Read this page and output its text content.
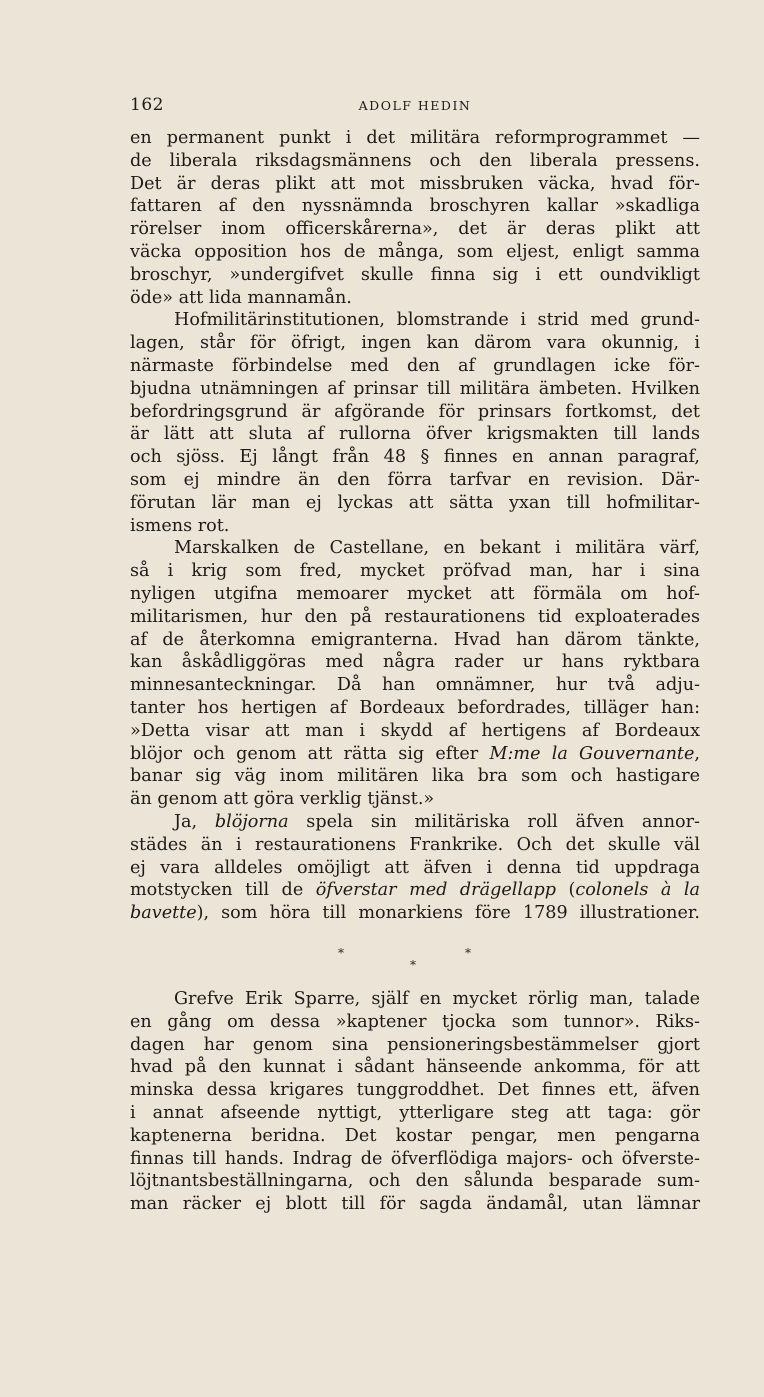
162	ADOLF HEDIN
en permanent punkt i det militära reformprogrammet —
de liberala riksdagsmännens och den liberala pressens.
Det är deras plikt att mot missbruken väcka, hvad för-
fattaren af den nyssnämnda broschyren kallar »skadliga
rörelser inom officerskårerna», det är deras plikt att
väcka opposition hos de många, som eljest, enligt samma
broschyr, »undergifvet skulle finna sig i ett oundvikligt
öde» att lida mannamån.
Hofmilitärinstitutionen, blomstrande i strid med grund-
lagen, står för öfrigt, ingen kan därom vara okunnig, i
närmaste förbindelse med den af grundlagen icke för-
bjudna utnämningen af prinsar till militära ämbeten. Hvilken
befordringsgrund är afgörande för prinsars fortkomst, det
är lätt att sluta af rullorna öfver krigsmakten till lands
och sjöss. Ej långt från 48 § finnes en annan paragraf,
som ej mindre än den förra tarfvar en revision. Där-
förutan lär man ej lyckas att sätta yxan till hofmilitar-
ismens rot.
Marskalken de Castellane, en bekant i militära värf,
så i krig som fred, mycket pröfvad man, har i sina
nyligen utgifna memoarer mycket att förmäla om hof-
militarismen, hur den på restaurationens tid exploaterades
af de återkomna emigranterna. Hvad han därom tänkte,
kan åskådliggöras med några rader ur hans ryktbara
minnesanteckningar. Då han omnämner, hur två adju-
tanter hos hertigen af Bordeaux befordrades, tilläger han:
»Detta visar att man i skydd af hertigens af Bordeaux
blöjor och genom att rätta sig efter M:me la Gouvernante,
banar sig väg inom militären lika bra som och hastigare
än genom att göra verklig tjänst.»
Ja, blöjorna spela sin militäriska roll äfven annor-
städes än i restaurationens Frankrike. Och det skulle väl
ej vara alldeles omöjligt att äfven i denna tid uppdraga
motstycken till de öfverstar med drägellapp (colonels à la
bavette), som höra till monarkiens före 1789 illustrationer.
*
*
*
Grefve Erik Sparre, själf en mycket rörlig man, talade
en gång om dessa »kaptener tjocka som tunnor». Riks-
dagen har genom sina pensioneringsbestämmelser gjort
hvad på den kunnat i sådant hänseende ankomma, för att
minska dessa krigares tunggroddhet. Det finnes ett, äfven
i annat afseende nyttigt, ytterligare steg att taga: gör
kaptenerna beridna. Det kostar pengar, men pengarna
finnas till hands. Indrag de öfverflödiga majors- och öfverste-
löjtnantsbeställningarna, och den sålunda besparade sum-
man räcker ej blott till för sagda ändamål, utan lämnar
